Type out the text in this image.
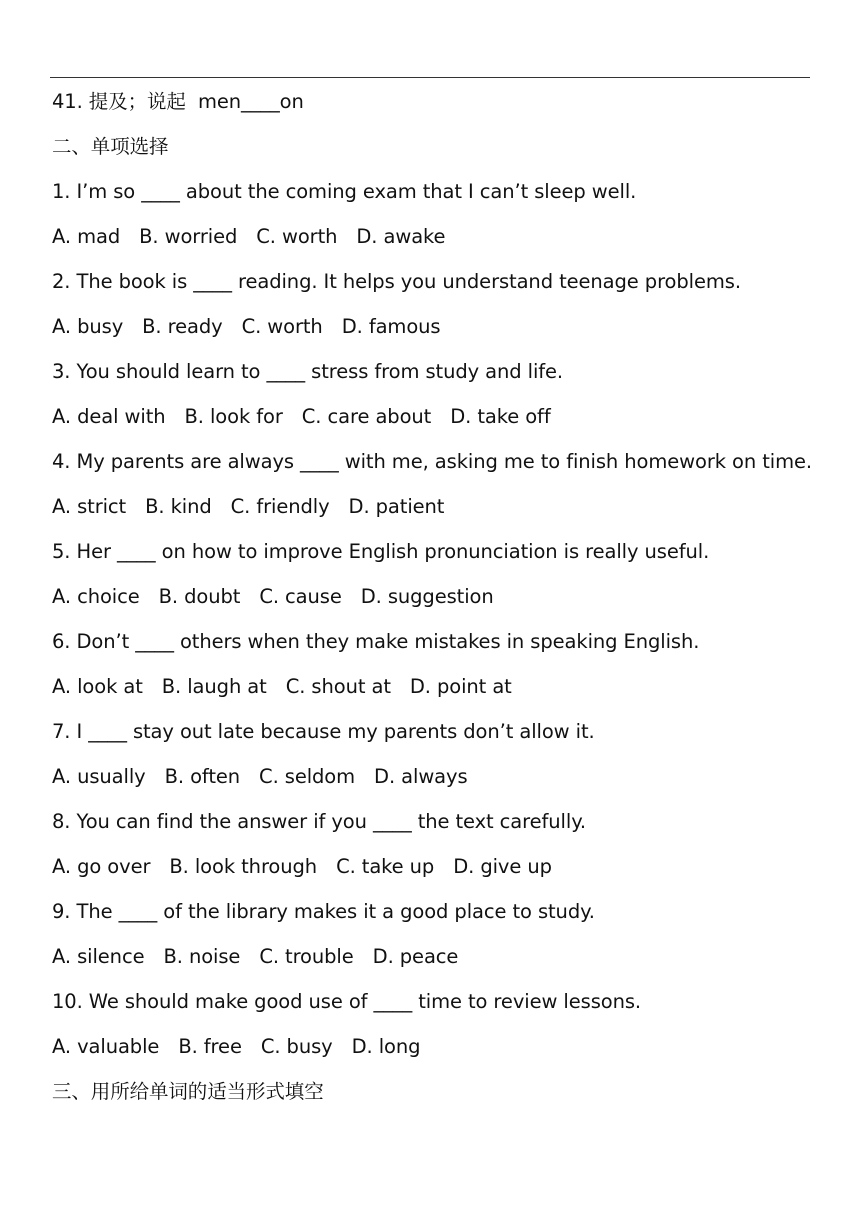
41. 提及；说起  men____on
二、单项选择
1. I’m so ____ about the coming exam that I can’t sleep well.
A. mad B. worried C. worth D. awake
2. The book is ____ reading. It helps you understand teenage problems.
A. busy B. ready C. worth D. famous
3. You should learn to ____ stress from study and life.
A. deal with B. look for C. care about D. take off
4. My parents are always ____ with me, asking me to finish homework on time.
A. strict B. kind C. friendly D. patient
5. Her ____ on how to improve English pronunciation is really useful.
A. choice B. doubt C. cause D. suggestion
6. Don’t ____ others when they make mistakes in speaking English.
A. look at B. laugh at C. shout at D. point at
7. I ____ stay out late because my parents don’t allow it.
A. usually B. often C. seldom D. always
8. You can find the answer if you ____ the text carefully.
A. go over B. look through C. take up D. give up
9. The ____ of the library makes it a good place to study.
A. silence B. noise C. trouble D. peace
10. We should make good use of ____ time to review lessons.
A. valuable B. free C. busy D. long
三、用所给单词的适当形式填空
